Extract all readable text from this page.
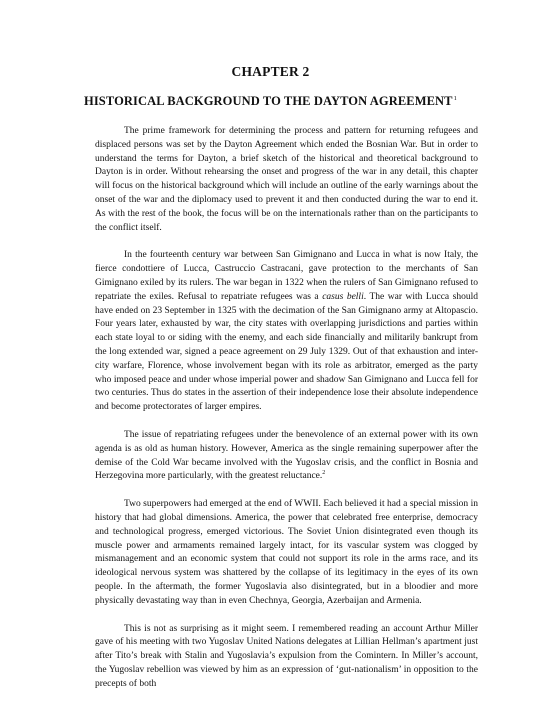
CHAPTER 2
HISTORICAL BACKGROUND TO THE DAYTON AGREEMENT$^1$

The prime framework for determining the process and pattern for returning refugees and displaced persons was set by the Dayton Agreement which ended the Bosnian War. But in order to understand the terms for Dayton, a brief sketch of the historical and theoretical background to Dayton is in order. Without rehearsing the onset and progress of the war in any detail, this chapter will focus on the historical background which will include an outline of the early warnings about the onset of the war and the diplomacy used to prevent it and then conducted during the war to end it. As with the rest of the book, the focus will be on the internationals rather than on the participants to the conflict itself.

In the fourteenth century war between San Gimignano and Lucca in what is now Italy, the fierce condottiere of Lucca, Castruccio Castracani, gave protection to the merchants of San Gimignano exiled by its rulers. The war began in 1322 when the rulers of San Gimignano refused to repatriate the exiles. Refusal to repatriate refugees was a casus belli. The war with Lucca should have ended on 23 September in 1325 with the decimation of the San Gimignano army at Altopascio. Four years later, exhausted by war, the city states with overlapping jurisdictions and parties within each state loyal to or siding with the enemy, and each side financially and militarily bankrupt from the long extended war, signed a peace agreement on 29 July 1329. Out of that exhaustion and inter-city warfare, Florence, whose involvement began with its role as arbitrator, emerged as the party who imposed peace and under whose imperial power and shadow San Gimignano and Lucca fell for two centuries. Thus do states in the assertion of their independence lose their absolute independence and become protectorates of larger empires.

The issue of repatriating refugees under the benevolence of an external power with its own agenda is as old as human history. However, America as the single remaining superpower after the demise of the Cold War became involved with the Yugoslav crisis, and the conflict in Bosnia and Herzegovina more particularly, with the greatest reluctance.$^2$

Two superpowers had emerged at the end of WWII. Each believed it had a special mission in history that had global dimensions. America, the power that celebrated free enterprise, democracy and technological progress, emerged victorious. The Soviet Union disintegrated even though its muscle power and armaments remained largely intact, for its vascular system was clogged by mismanagement and an economic system that could not support its role in the arms race, and its ideological nervous system was shattered by the collapse of its legitimacy in the eyes of its own people. In the aftermath, the former Yugoslavia also disintegrated, but in a bloodier and more physically devastating way than in even Chechnya, Georgia, Azerbaijan and Armenia.

This is not as surprising as it might seem. I remembered reading an account Arthur Miller gave of his meeting with two Yugoslav United Nations delegates at Lillian Hellman’s apartment just after Tito’s break with Stalin and Yugoslavia’s expulsion from the Comintern. In Miller’s account, the Yugoslav rebellion was viewed by him as an expression of ‘gut-nationalism’ in opposition to the precepts of both
